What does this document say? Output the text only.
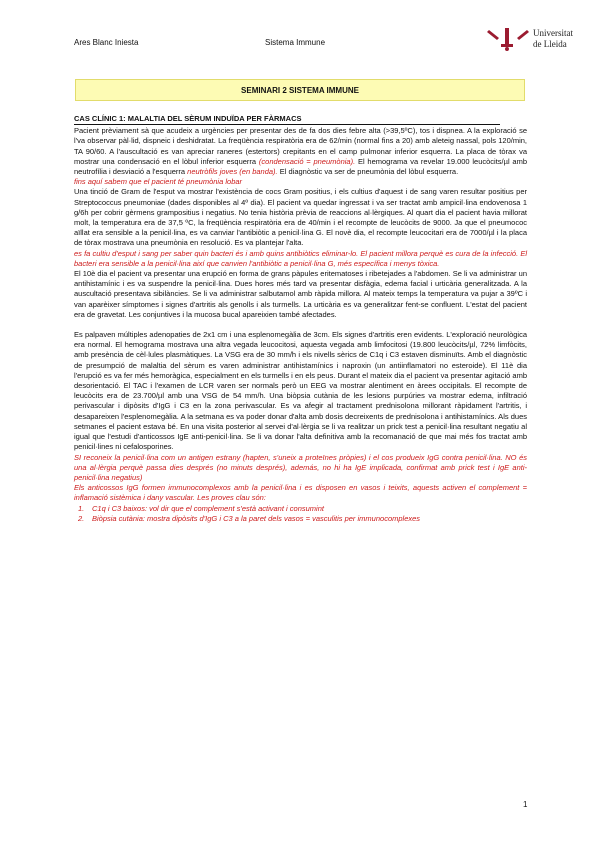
Ares Blanc Iniesta	Sistema Immune
Universitat
de Lleida
SEMINARI 2 SISTEMA IMMUNE
CAS CLÍNIC 1: MALALTIA DEL SÈRUM INDUÏDA PER FÀRMACS

Pacient prèviament sà que acudeix a urgències per presentar des de fa dos dies febre alta (>39,5ºC), tos i dispnea. A la exploració se l'va observar pàl·lid, dispneic i deshidratat. La freqüència respiratòria era de 62/min (normal fins a 20) amb aleteig nassal, pols 120/min, TA 90/60. A l'auscultació es van apreciar raneres (estertors) crepitants en el camp pulmonar inferior esquerra. La placa de tòrax va mostrar una condensació en el lòbul inferior esquerra (condensació = pneumònia). El hemograma va revelar 19.000 leucòcits/µl amb neutrofília i desviació a l'esquerra neutròfils joves (en banda). El diagnòstic va ser de pneumònia del lòbul esquerra.

fins aquí sabem que el pacient té pneumònia lobar

Una tinció de Gram de l'esput va mostrar l'existència de cocs Gram positius, i els cultius d'aquest i de sang varen resultar positius per Streptococcus pneumoniae (dades disponibles al 4º dia). El pacient va quedar ingressat i va ser tractat amb ampicil·lina endovenosa 1 g/6h per cobrir gèrmens grampositius i negatius. No tenia història prèvia de reaccions al·lèrgiques. Al quart dia el pacient havia millorat molt, la temperatura era de 37,5 ºC, la freqüència respiratòria era de 40/min i el recompte de leucòcits de 9000. Ja que el pneumococ aïllat era sensible a la penicil·lina, es va canviar l'antibiòtic a penicil·lina G. El novè dia, el recompte leucocitari era de 7000/µl i la placa de tòrax mostrava una pneumònia en resolució. Es va plantejar l'alta.

es fa cultiu d'esput i sang per saber quin bacteri és i amb quins antibiòtics eliminar-lo. El pacient millora perquè es cura de la infecció. El bacteri era sensible a la penicil·lina així que canvien l'antibiòtic a penicil·lina G, més específica i menys tòxica.

El 10è dia el pacient va presentar una erupció en forma de grans pàpules eritematoses i ribetejades a l'abdomen. Se li va administrar un antihistamínic i es va suspendre la penicil·lina. Dues hores més tard va presentar disfàgia, edema facial i urticària generalitzada. A la auscultació presentava sibilàncies. Se li va administrar salbutamol amb ràpida millora. Al mateix temps la temperatura va pujar a 39ºC i van aparèixer símptomes i signes d'artritis als genolls i als turmells. La urticària es va generalitzar fent-se confluent. L'estat del pacient era de gravetat. Les conjuntives i la mucosa bucal apareixien també afectades.

Es palpaven múltiples adenopaties de 2x1 cm i una esplenomegàlia de 3cm. Els signes d'artritis eren evidents. L'exploració neurològica era normal. El hemograma mostrava una altra vegada leucocitosi, aquesta vegada amb limfocitosi (19.800 leucòcits/µl, 72% limfòcits, amb presència de cèl·lules plasmàtiques. La VSG era de 30 mm/h i els nivells sèrics de C1q i C3 estaven disminuïts. Amb el diagnòstic de presumpció de malaltia del sèrum es varen administrar antihistamínics i naproxin (un antiinflamatori no esteroide). El 11è dia l'erupció es va fer més hemoràgica, especialment en els turmells i en els peus. Durant el mateix dia el pacient va presentar agitació amb desorientació. El TAC i l'examen de LCR varen ser normals però un EEG va mostrar alentiment en àrees occipitals. El recompte de leucòcits era de 23.700/µl amb una VSG de 54 mm/h. Una biòpsia cutània de les lesions purpúries va mostrar edema, infiltració perivascular i dipòsits d'IgG i C3 en la zona perivascular. Es va afegir al tractament prednisolona millorant ràpidament l'artritis, i desapareixen l'esplenomegàlia. A la setmana es va poder donar d'alta amb dosis decreixents de prednisolona i antihistamínics. Als dues setmanes el pacient estava bé. En una visita posterior al servei d'al·lèrgia se li va realitzar un prick test a penicil·lina resultant negatiu al igual que l'estudi d'anticossos IgE anti-penicil·lina. Se li va donar l'alta definitiva amb la recomanació de que mai més fos tractat amb penicil·lines ni cefalosporines.

SI reconeix la penicil·lina com un antigen estrany (hapten, s'uneix a proteïnes pròpies) i el cos produeix IgG contra penicil·lina. NO és una al·lèrgia perquè passa dies després (no minuts després), además, no hi ha IgE implicada, confirmat amb prick test i IgE anti-penicil·lina negatius)

Els anticossos IgG formen immunocomplexos amb la penicil·lina i es disposen en vasos i teixits, aquests activen el complement = inflamació sistèmica i dany vascular. Les proves clau són:

1. C1q i C3 baixos: vol dir que el complement s'està activant i consumint
2. Biòpsia cutània: mostra dipòsits d'IgG i C3 a la paret dels vasos = vasculitis per immunocomplexes
1
